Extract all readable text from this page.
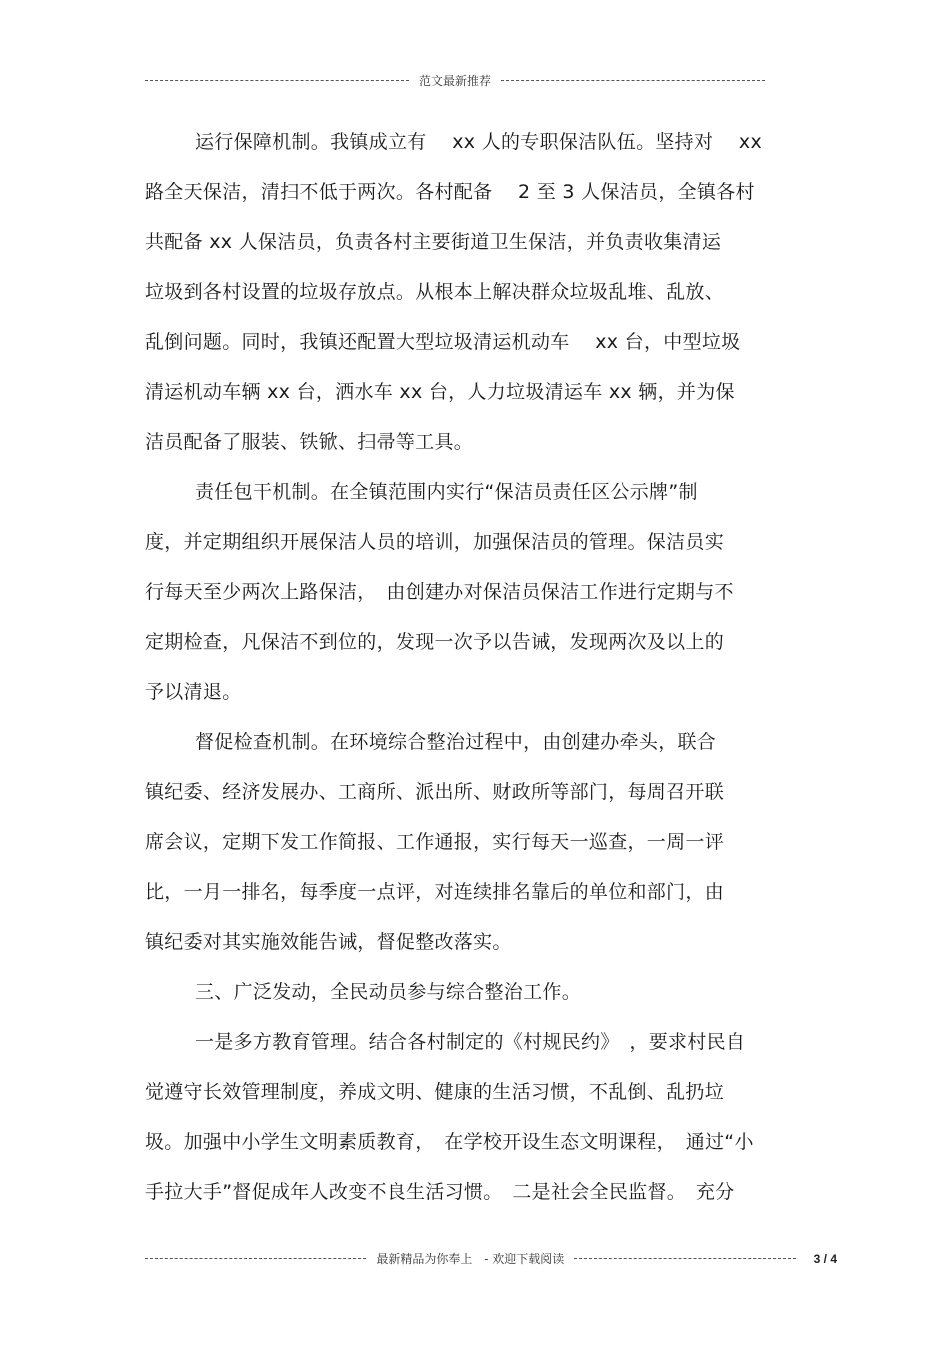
范文最新推荐
运行保障机制。我镇成立有　 xx 人的专职保洁队伍。坚持对　 xx
路全天保洁，清扫不低于两次。各村配备　 2 至 3 人保洁员，全镇各村
共配备 xx 人保洁员，负责各村主要街道卫生保洁，并负责收集清运
垃圾到各村设置的垃圾存放点。从根本上解决群众垃圾乱堆、乱放、
乱倒问题。同时，我镇还配置大型垃圾清运机动车　 xx 台，中型垃圾
清运机动车辆 xx 台，洒水车 xx 台，人力垃圾清运车 xx 辆，并为保
洁员配备了服装、铁锨、扫帚等工具。
责任包干机制。在全镇范围内实行“保洁员责任区公示牌”制
度，并定期组织开展保洁人员的培训，加强保洁员的管理。保洁员实
行每天至少两次上路保洁，　由创建办对保洁员保洁工作进行定期与不
定期检查，凡保洁不到位的，发现一次予以告诫，发现两次及以上的
予以清退。
督促检查机制。在环境综合整治过程中，由创建办牵头，联合
镇纪委、经济发展办、工商所、派出所、财政所等部门，每周召开联
席会议，定期下发工作简报、工作通报，实行每天一巡查，一周一评
比，一月一排名，每季度一点评，对连续排名靠后的单位和部门，由
镇纪委对其实施效能告诫，督促整改落实。
三、广泛发动，全民动员参与综合整治工作。
一是多方教育管理。结合各村制定的《村规民约》　，要求村民自
觉遵守长效管理制度，养成文明、健康的生活习惯，不乱倒、乱扔垃
圾。加强中小学生文明素质教育，　在学校开设生态文明课程，　通过“小
手拉大手”督促成年人改变不良生活习惯。　二是社会全民监督。　充分
最新精品为你奉上　- 欢迎下载阅读	3 / 4
